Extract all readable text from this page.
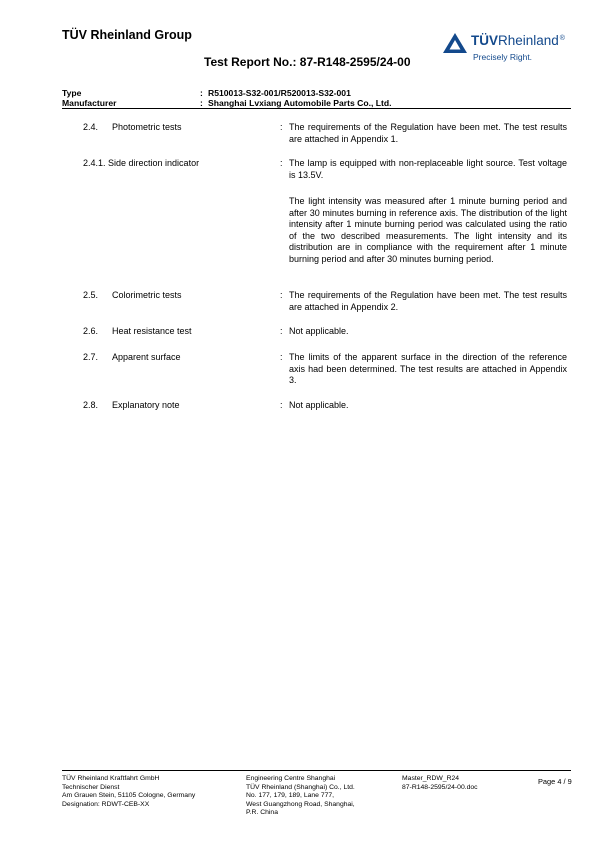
TÜV Rheinland Group
Test Report No.: 87-R148-2595/24-00
TÜVRheinland®
Precisely Right.
Type	: R510013-S32-001/R520013-S32-001
Manufacturer	: Shanghai Lvxiang Automobile Parts Co., Ltd.
2.4. Photometric tests	: The requirements of the Regulation have been met. The test results are attached in Appendix 1.
2.4.1. Side direction indicator	: The lamp is equipped with non-replaceable light source. Test voltage is 13.5V.
The light intensity was measured after 1 minute burning period and after 30 minutes burning in reference axis. The distribution of the light intensity after 1 minute burning period was calculated using the ratio of the two described measurements. The light intensity and its distribution are in compliance with the requirement after 1 minute burning period and after 30 minutes burning period.
2.5. Colorimetric tests	: The requirements of the Regulation have been met. The test results are attached in Appendix 2.
2.6. Heat resistance test	: Not applicable.
2.7. Apparent surface	: The limits of the apparent surface in the direction of the reference axis had been determined. The test results are attached in Appendix 3.
2.8. Explanatory note	: Not applicable.
TÜV Rheinland Kraftfahrt GmbH
Technischer Dienst
Am Grauen Stein, 51105 Cologne, Germany
Designation: RDWT-CEB-XX
Engineering Centre Shanghai
TÜV Rheinland (Shanghai) Co., Ltd.
No. 177, 179, 189, Lane 777,
West Guangzhong Road, Shanghai,
P.R. China
Master_RDW_R24
87-R148-2595/24-00.doc
Page 4 / 9
